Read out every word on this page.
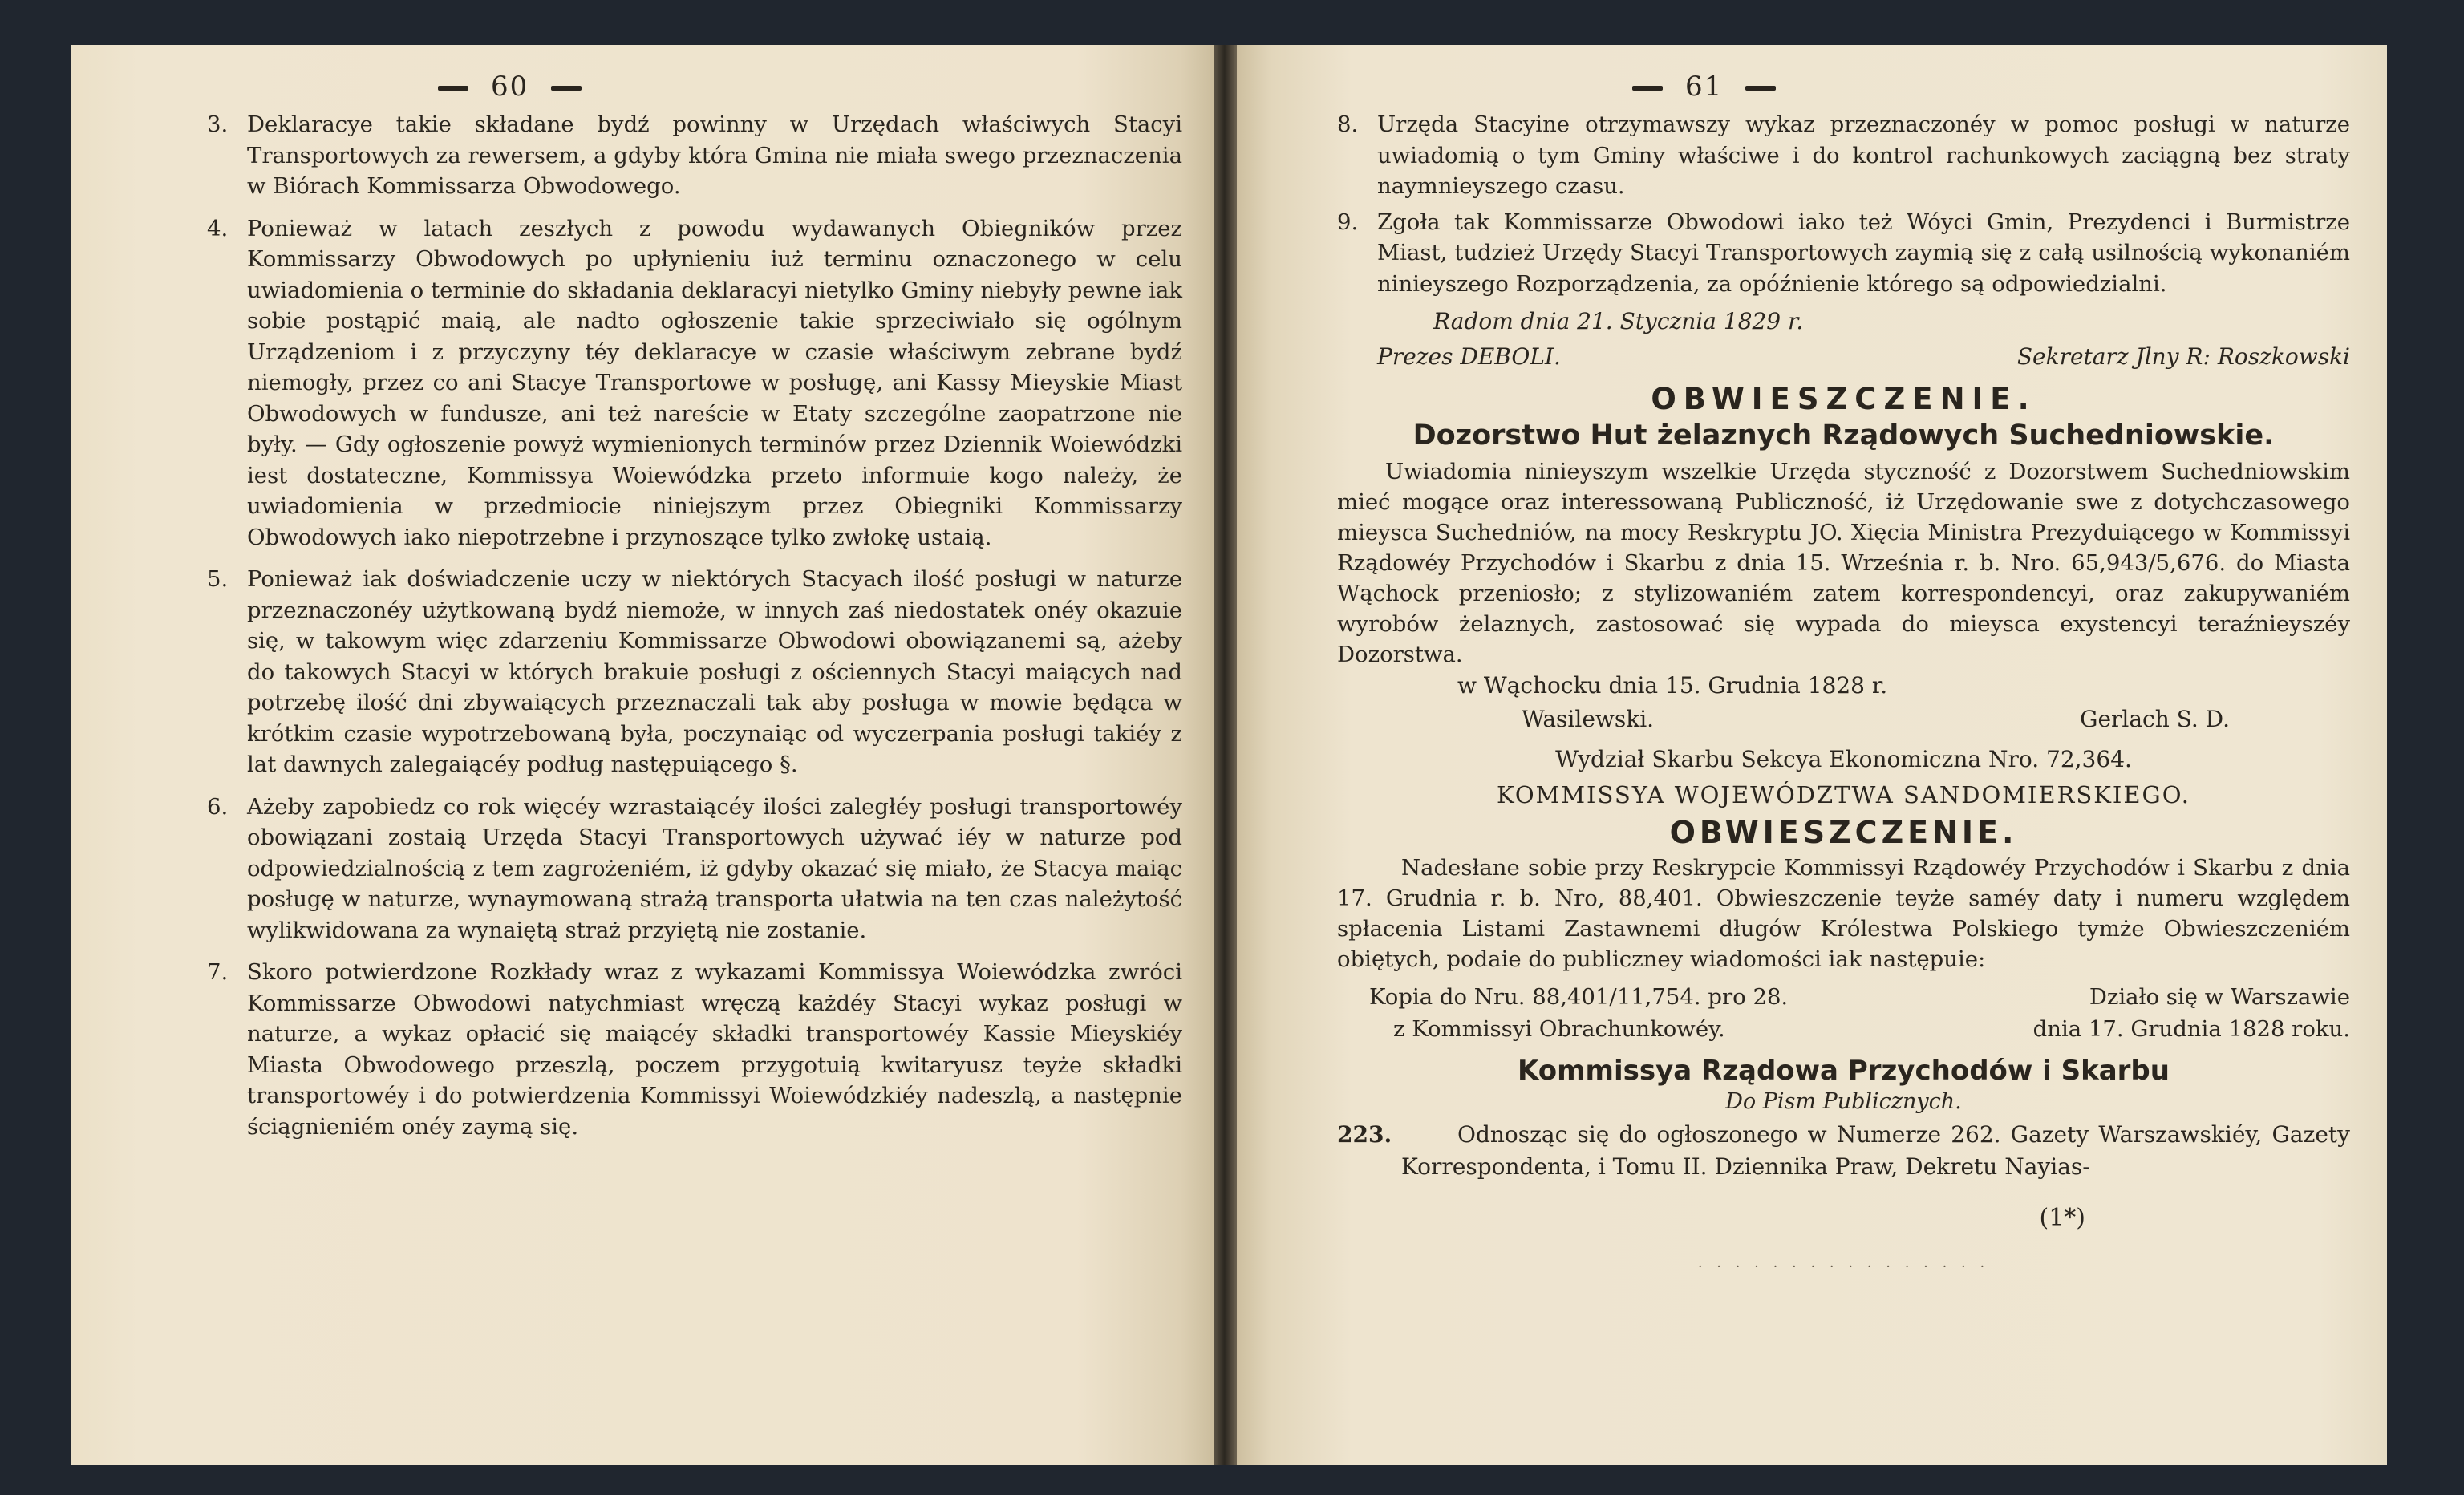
60
3. Deklaracye takie składane bydź powinny w Urzędach właściwych Stacyi Transportowych za rewersem, a gdyby która Gmina nie miała swego przeznaczenia w Biórach Kommissarza Obwodowego.
4. Ponieważ w latach zeszłych z powodu wydawanych Obiegników przez Kommissarzy Obwodowych po upłynieniu iuż terminu oznaczonego w celu uwiadomienia o terminie do składania deklaracyi nietylko Gminy niebyły pewne iak sobie postąpić maią, ale nadto ogłoszenie takie sprzeciwiało się ogólnym Urządzeniom i z przyczyny téy deklaracye w czasie właściwym zebrane bydź niemogły, przez co ani Stacye Transportowe w posługę, ani Kassy Mieyskie Miast Obwodowych w fundusze, ani też nareście w Etaty szczególne zaopatrzone nie były. — Gdy ogłoszenie powyż wymienionych terminów przez Dziennik Woiewódzki iest dostateczne, Kommissya Woiewódzka przeto informuie kogo należy, że uwiadomienia w przedmiocie niniejszym przez Obiegniki Kommissarzy Obwodowych iako niepotrzebne i przynoszące tylko zwłokę ustaią.
5. Ponieważ iak doświadczenie uczy w niektórych Stacyach ilość posługi w naturze przeznaczonéy użytkowaną bydź niemoże, w innych zaś niedostatek onéy okazuie się, w takowym więc zdarzeniu Kommissarze Obwodowi obowiązanemi są, ażeby do takowych Stacyi w których brakuie posługi z ościennych Stacyi maiących nad potrzebę ilość dni zbywaiących przeznaczali tak aby posługa w mowie będąca w krótkim czasie wypotrzebowaną była, poczynaiąc od wyczerpania posługi takiéy z lat dawnych zalegaiącéy podług następuiącego §.
6. Ażeby zapobiedz co rok więcéy wzrastaiącéy ilości zaległéy posługi transportowéy obowiązani zostaią Urzęda Stacyi Transportowych używać iéy w naturze pod odpowiedzialnością z tem zagrożeniém, iż gdyby okazać się miało, że Stacya maiąc posługę w naturze, wynaymowaną strażą transporta ułatwia na ten czas należytość wylikwidowana za wynaiętą straż przyiętą nie zostanie.
7. Skoro potwierdzone Rozkłady wraz z wykazami Kommissya Woiewódzka zwróci Kommissarze Obwodowi natychmiast wręczą każdéy Stacyi wykaz posługi w naturze, a wykaz opłacić się maiącéy składki transportowéy Kassie Mieyskiéy Miasta Obwodowego przeszlą, poczem przygotuią kwitaryusz teyże składki transportowéy i do potwierdzenia Kommissyi Woiewódzkiéy nadeszlą, a następnie ściągnieniém onéy zaymą się.
61
8. Urzęda Stacyine otrzymawszy wykaz przeznaczonéy w pomoc posługi w naturze uwiadomią o tym Gminy właściwe i do kontrol rachunkowych zaciągną bez straty naymnieyszego czasu.
9. Zgoła tak Kommissarze Obwodowi iako też Wóyci Gmin, Prezydenci i Burmistrze Miast, tudzież Urzędy Stacyi Transportowych zaymią się z całą usilnością wykonaniém ninieyszego Rozporządzenia, za opóźnienie którego są odpowiedzialni.
Radom dnia 21. Stycznia 1829 r.
Prezes DEBOLI.	Sekretarz Jlny R: Roszkowski
OBWIESZCZENIE.
Dozorstwo Hut żelaznych Rządowych Suchedniowskie.
Uwiadomia ninieyszym wszelkie Urzęda styczność z Dozorstwem Suchedniowskim mieć mogące oraz interessowaną Publiczność, iż Urzędowanie swe z dotychczasowego mieysca Suchedniów, na mocy Reskryptu JO. Xięcia Ministra Prezyduiącego w Kommissyi Rządowéy Przychodów i Skarbu z dnia 15. Września r. b. Nro. 65,943/5,676. do Miasta Wąchock przeniosło; z stylizowaniém zatem korrespondencyi, oraz zakupywaniém wyrobów żelaznych, zastosować się wypada do mieysca exystencyi teraźnieyszéy Dozorstwa.
w Wąchocku dnia 15. Grudnia 1828 r.
Wasilewski.	Gerlach S. D.
Wydział Skarbu Sekcya Ekonomiczna Nro. 72,364.
KOMMISSYA WOJEWÓDZTWA SANDOMIERSKIEGO.
OBWIESZCZENIE.
Nadesłane sobie przy Reskrypcie Kommissyi Rządowéy Przychodów i Skarbu z dnia 17. Grudnia r. b. Nro, 88,401. Obwieszczenie teyże saméy daty i numeru względem spłacenia Listami Zastawnemi długów Królestwa Polskiego tymże Obwieszczeniém obiętych, podaie do publiczney wiadomości iak następuie:
Kopia do Nru. 88,401/11,754. pro 28.	Działo się w Warszawie
z Kommissyi Obrachunkowéy.	dnia 17. Grudnia 1828 roku.
Kommissya Rządowa Przychodów i Skarbu
Do Pism Publicznych.
223.	Odnosząc się do ogłoszonego w Numerze 262. Gazety Warszawskiéy, Gazety Korrespondenta, i Tomu II. Dziennika Praw, Dekretu Nayias-
(1*)
· · · · · · · · · · · · · · · ·
